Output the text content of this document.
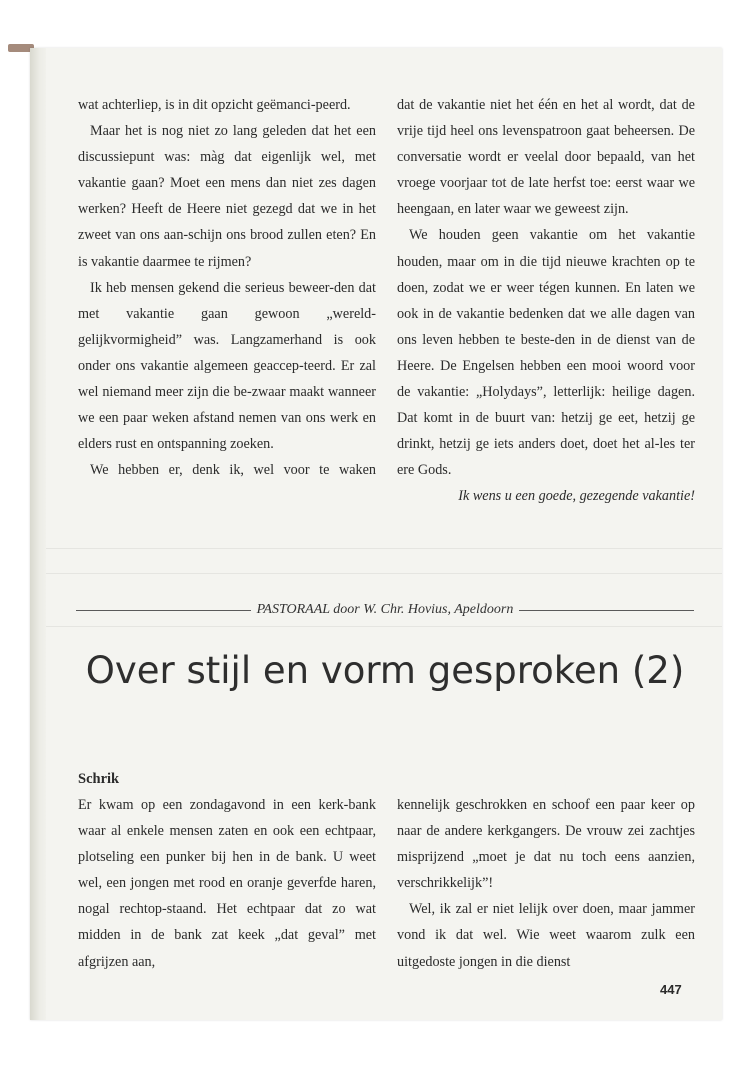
wat achterliep, is in dit opzicht geëmanci-peerd.

Maar het is nog niet zo lang geleden dat het een discussiepunt was: màg dat eigenlijk wel, met vakantie gaan? Moet een mens dan niet zes dagen werken? Heeft de Heere niet gezegd dat we in het zweet van ons aan-schijn ons brood zullen eten? En is vakantie daarmee te rijmen?

Ik heb mensen gekend die serieus beweer-den dat met vakantie gaan gewoon „wereld-gelijkvormigheid” was. Langzamerhand is ook onder ons vakantie algemeen geaccep-teerd. Er zal wel niemand meer zijn die be-zwaar maakt wanneer we een paar weken afstand nemen van ons werk en elders rust en ontspanning zoeken.

We hebben er, denk ik, wel voor te waken

dat de vakantie niet het één en het al wordt, dat de vrije tijd heel ons levenspatroon gaat beheersen. De conversatie wordt er veelal door bepaald, van het vroege voorjaar tot de late herfst toe: eerst waar we heengaan, en later waar we geweest zijn.

We houden geen vakantie om het vakantie houden, maar om in die tijd nieuwe krachten op te doen, zodat we er weer tégen kunnen. En laten we ook in de vakantie bedenken dat we alle dagen van ons leven hebben te beste-den in de dienst van de Heere. De Engelsen hebben een mooi woord voor de vakantie: „Holydays”, letterlijk: heilige dagen. Dat komt in de buurt van: hetzij ge eet, hetzij ge drinkt, hetzij ge iets anders doet, doet het al-les ter ere Gods.

Ik wens u een goede, gezegende vakantie!

PASTORAAL door W. Chr. Hovius, Apeldoorn
Over stijl en vorm gesproken (2)
Schrik

Er kwam op een zondagavond in een kerk-bank waar al enkele mensen zaten en ook een echtpaar, plotseling een punker bij hen in de bank. U weet wel, een jongen met rood en oranje geverfde haren, nogal rechtop-staand. Het echtpaar dat zo wat midden in de bank zat keek „dat geval” met afgrijzen aan,

kennelijk geschrokken en schoof een paar keer op naar de andere kerkgangers. De vrouw zei zachtjes misprijzend „moet je dat nu toch eens aanzien, verschrikkelijk”!

Wel, ik zal er niet lelijk over doen, maar jammer vond ik dat wel. Wie weet waarom zulk een uitgedoste jongen in die dienst

447
